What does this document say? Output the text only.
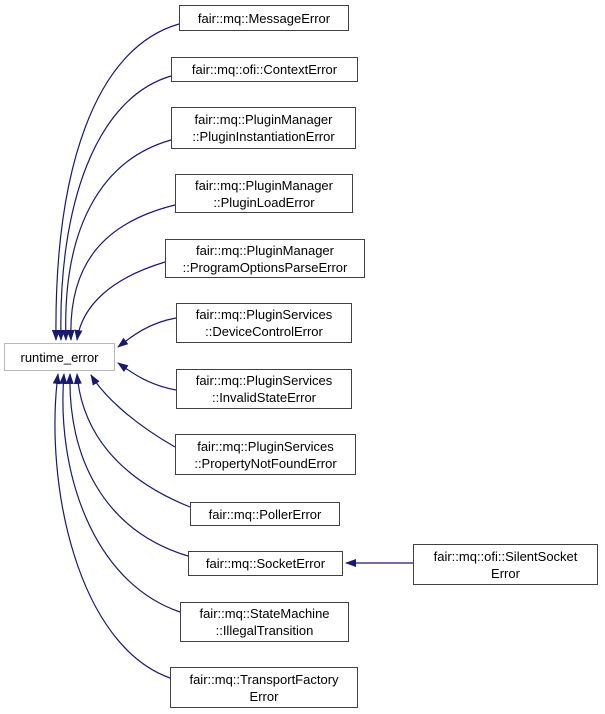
runtime_error
fair::mq::MessageError
fair::mq::ofi::ContextError
fair::mq::PluginManager
::PluginInstantiationError
fair::mq::PluginManager
::PluginLoadError
fair::mq::PluginManager
::ProgramOptionsParseError
fair::mq::PluginServices
::DeviceControlError
fair::mq::PluginServices
::InvalidStateError
fair::mq::PluginServices
::PropertyNotFoundError
fair::mq::PollerError
fair::mq::SocketError
fair::mq::StateMachine
::IllegalTransition
fair::mq::TransportFactory
Error
fair::mq::ofi::SilentSocket
Error
